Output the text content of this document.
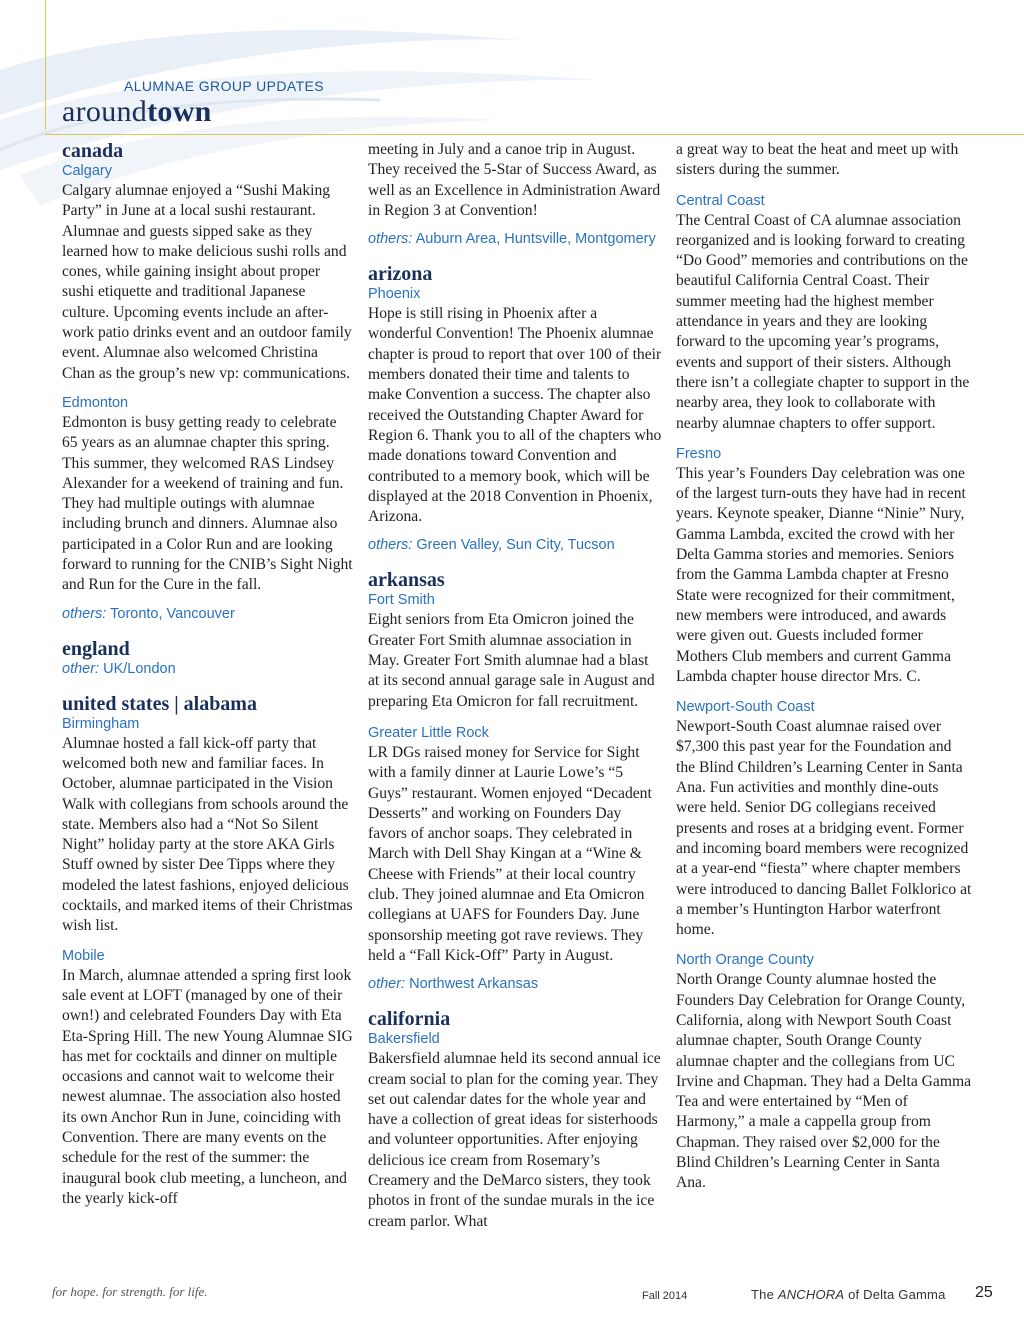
ALUMNAE GROUP UPDATES
aroundtown
canada
Calgary

Calgary alumnae enjoyed a “Sushi Making Party” in June at a local sushi restaurant. Alumnae and guests sipped sake as they learned how to make delicious sushi rolls and cones, while gaining insight about proper sushi etiquette and traditional Japanese culture. Upcoming events include an after-work patio drinks event and an outdoor family event. Alumnae also welcomed Christina Chan as the group’s new vp: communications.

Edmonton

Edmonton is busy getting ready to celebrate 65 years as an alumnae chapter this spring. This summer, they welcomed RAS Lindsey Alexander for a weekend of training and fun. They had multiple outings with alumnae including brunch and dinners. Alumnae also participated in a Color Run and are looking forward to running for the CNIB’s Sight Night and Run for the Cure in the fall.

others: Toronto, Vancouver
england
other: UK/London
united states | alabama
Birmingham

Alumnae hosted a fall kick-off party that welcomed both new and familiar faces. In October, alumnae participated in the Vision Walk with collegians from schools around the state. Members also had a “Not So Silent Night” holiday party at the store AKA Girls Stuff owned by sister Dee Tipps where they modeled the latest fashions, enjoyed delicious cocktails, and marked items of their Christmas wish list.

Mobile

In March, alumnae attended a spring first look sale event at LOFT (managed by one of their own!) and celebrated Founders Day with Eta Eta-Spring Hill. The new Young Alumnae SIG has met for cocktails and dinner on multiple occasions and cannot wait to welcome their newest alumnae. The association also hosted its own Anchor Run in June, coinciding with Convention. There are many events on the schedule for the rest of the summer: the inaugural book club meeting, a luncheon, and the yearly kick-off

meeting in July and a canoe trip in August. They received the 5-Star of Success Award, as well as an Excellence in Administration Award in Region 3 at Convention!

others: Auburn Area, Huntsville, Montgomery
arizona
Phoenix

Hope is still rising in Phoenix after a wonderful Convention! The Phoenix alumnae chapter is proud to report that over 100 of their members donated their time and talents to make Convention a success. The chapter also received the Outstanding Chapter Award for Region 6. Thank you to all of the chapters who made donations toward Convention and contributed to a memory book, which will be displayed at the 2018 Convention in Phoenix, Arizona.

others: Green Valley, Sun City, Tucson
arkansas
Fort Smith

Eight seniors from Eta Omicron joined the Greater Fort Smith alumnae association in May. Greater Fort Smith alumnae had a blast at its second annual garage sale in August and preparing Eta Omicron for fall recruitment.

Greater Little Rock

LR DGs raised money for Service for Sight with a family dinner at Laurie Lowe’s “5 Guys” restaurant. Women enjoyed “Decadent Desserts” and working on Founders Day favors of anchor soaps. They celebrated in March with Dell Shay Kingan at a “Wine & Cheese with Friends” at their local country club. They joined alumnae and Eta Omicron collegians at UAFS for Founders Day. June sponsorship meeting got rave reviews. They held a “Fall Kick-Off” Party in August.

other: Northwest Arkansas
california
Bakersfield

Bakersfield alumnae held its second annual ice cream social to plan for the coming year. They set out calendar dates for the whole year and have a collection of great ideas for sisterhoods and volunteer opportunities. After enjoying delicious ice cream from Rosemary’s Creamery and the DeMarco sisters, they took photos in front of the sundae murals in the ice cream parlor. What

a great way to beat the heat and meet up with sisters during the summer.

Central Coast

The Central Coast of CA alumnae association reorganized and is looking forward to creating “Do Good” memories and contributions on the beautiful California Central Coast. Their summer meeting had the highest member attendance in years and they are looking forward to the upcoming year’s programs, events and support of their sisters. Although there isn’t a collegiate chapter to support in the nearby area, they look to collaborate with nearby alumnae chapters to offer support.

Fresno

This year’s Founders Day celebration was one of the largest turn-outs they have had in recent years. Keynote speaker, Dianne “Ninie” Nury, Gamma Lambda, excited the crowd with her Delta Gamma stories and memories. Seniors from the Gamma Lambda chapter at Fresno State were recognized for their commitment, new members were introduced, and awards were given out. Guests included former Mothers Club members and current Gamma Lambda chapter house director Mrs. C.

Newport-South Coast

Newport-South Coast alumnae raised over $7,300 this past year for the Foundation and the Blind Children’s Learning Center in Santa Ana. Fun activities and monthly dine-outs were held. Senior DG collegians received presents and roses at a bridging event. Former and incoming board members were recognized at a year-end “fiesta” where chapter members were introduced to dancing Ballet Folklorico at a member’s Huntington Harbor waterfront home.

North Orange County

North Orange County alumnae hosted the Founders Day Celebration for Orange County, California, along with Newport South Coast alumnae chapter, South Orange County alumnae chapter and the collegians from UC Irvine and Chapman. They had a Delta Gamma Tea and were entertained by “Men of Harmony,” a male a cappella group from Chapman. They raised over $2,000 for the Blind Children’s Learning Center in Santa Ana.

for hope. for strength. for life.	Fall 2014	The ANCHORA of Delta Gamma 25
